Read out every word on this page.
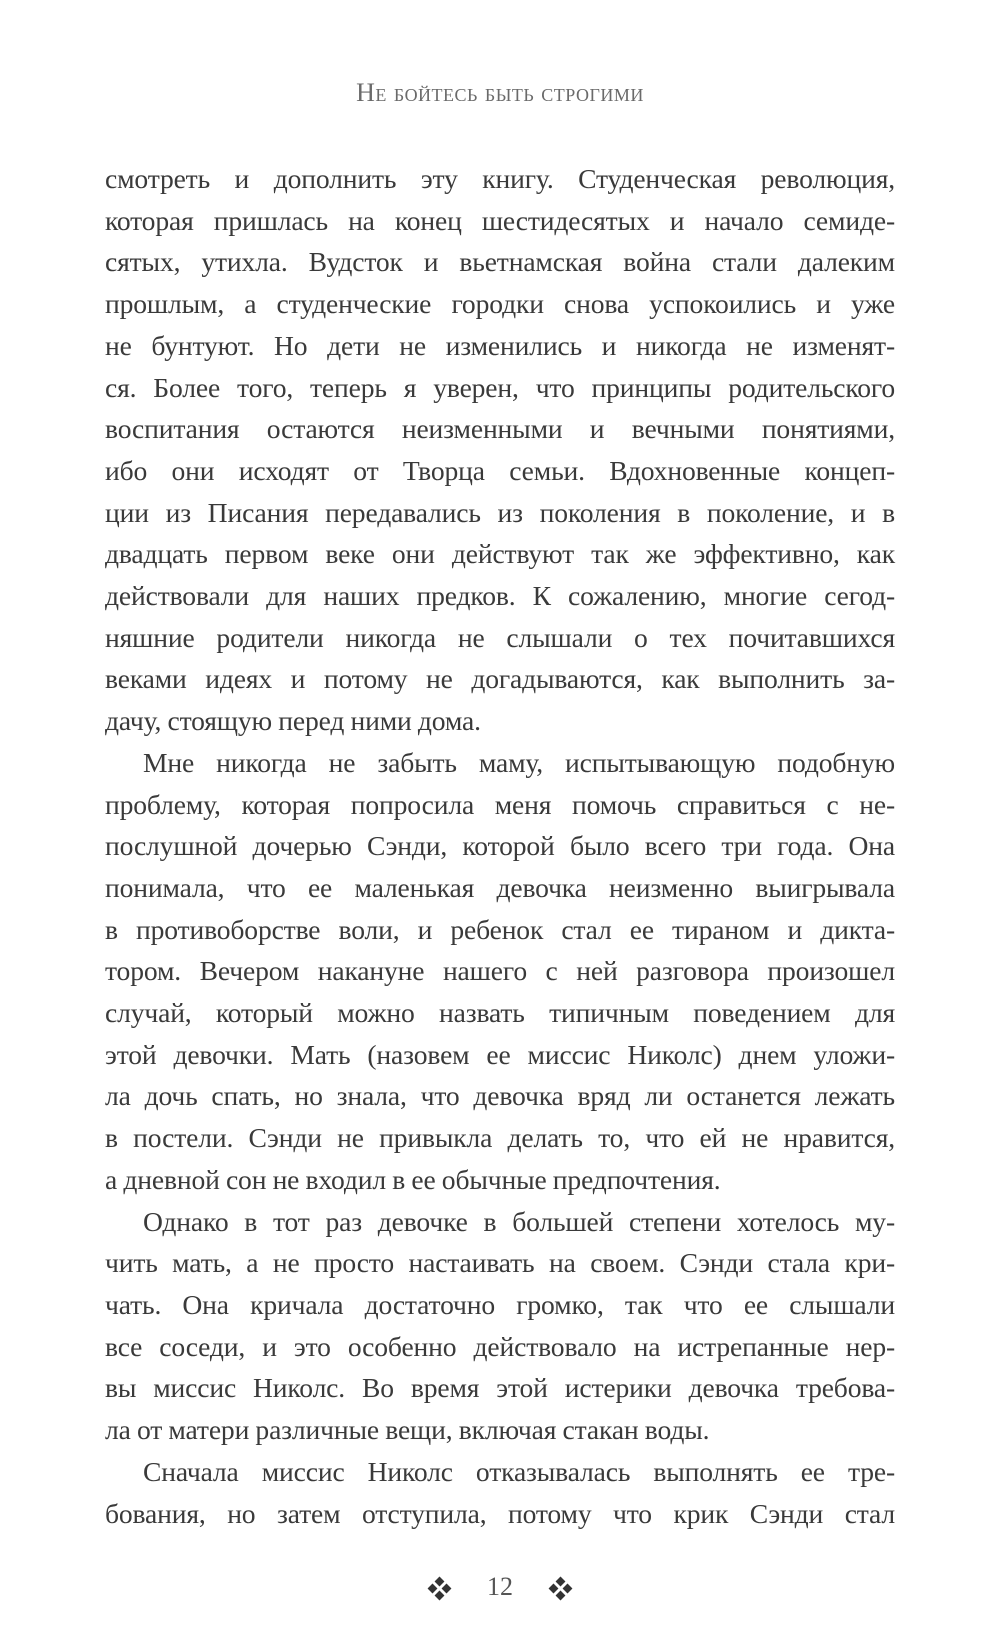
Не бойтесь быть строгими
смотреть и дополнить эту книгу. Студенческая революция,
которая пришлась на конец шестидесятых и начало семиде-
сятых, утихла. Вудсток и вьетнамская война стали далеким
прошлым, а студенческие городки снова успокоились и уже
не бунтуют. Но дети не изменились и никогда не изменят-
ся. Более того, теперь я уверен, что принципы родительского
воспитания остаются неизменными и вечными понятиями,
ибо они исходят от Творца семьи. Вдохновенные концеп-
ции из Писания передавались из поколения в поколение, и в
двадцать первом веке они действуют так же эффективно, как
действовали для наших предков. К сожалению, многие сегод-
няшние родители никогда не слышали о тех почитавшихся
веками идеях и потому не догадываются, как выполнить за-
дачу, стоящую перед ними дома.
Мне никогда не забыть маму, испытывающую подобную
проблему, которая попросила меня помочь справиться с не-
послушной дочерью Сэнди, которой было всего три года. Она
понимала, что ее маленькая девочка неизменно выигрывала
в противоборстве воли, и ребенок стал ее тираном и дикта-
тором. Вечером накануне нашего с ней разговора произошел
случай, который можно назвать типичным поведением для
этой девочки. Мать (назовем ее миссис Николс) днем уложи-
ла дочь спать, но знала, что девочка вряд ли останется лежать
в постели. Сэнди не привыкла делать то, что ей не нравится,
а дневной сон не входил в ее обычные предпочтения.
Однако в тот раз девочке в большей степени хотелось му-
чить мать, а не просто настаивать на своем. Сэнди стала кри-
чать. Она кричала достаточно громко, так что ее слышали
все соседи, и это особенно действовало на истрепанные нер-
вы миссис Николс. Во время этой истерики девочка требова-
ла от матери различные вещи, включая стакан воды.
Сначала миссис Николс отказывалась выполнять ее тре-
бования, но затем отступила, потому что крик Сэнди стал
12
